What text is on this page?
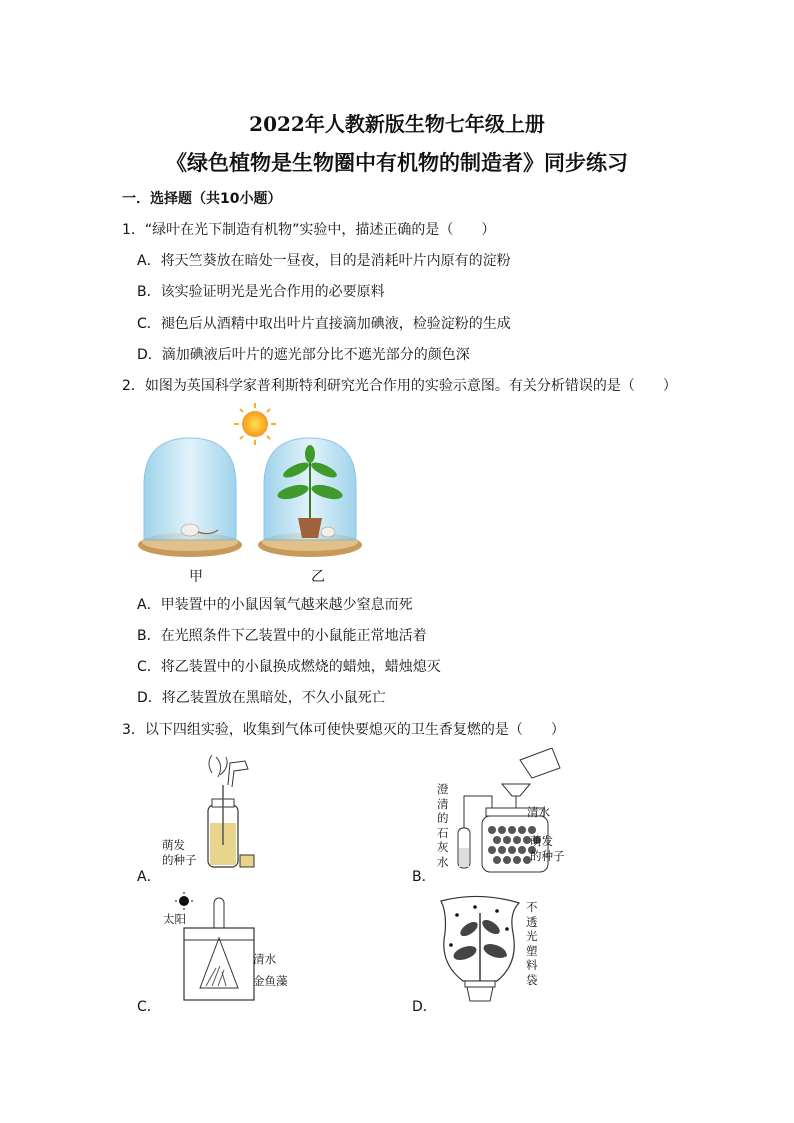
2022年人教新版生物七年级上册
《绿色植物是生物圈中有机物的制造者》同步练习
一．选择题（共10小题）
1．“绿叶在光下制造有机物”实验中，描述正确的是（　　）
A．将天竺葵放在暗处一昼夜，目的是消耗叶片内原有的淀粉
B．该实验证明光是光合作用的必要原料
C．褪色后从酒精中取出叶片直接滴加碘液，检验淀粉的生成
D．滴加碘液后叶片的遮光部分比不遮光部分的颜色深
2．如图为英国科学家普利斯特利研究光合作用的实验示意图。有关分析错误的是（　　）
甲	乙
A．甲装置中的小鼠因氧气越来越少窒息而死
B．在光照条件下乙装置中的小鼠能正常地活着
C．将乙装置中的小鼠换成燃烧的蜡烛，蜡烛熄灭
D．将乙装置放在黑暗处，不久小鼠死亡
3．以下四组实验，收集到气体可使快要熄灭的卫生香复燃的是（　　）
萌发
的种子
A．
澄
清
的
石
灰
水
清水
萌发
的种子
B．
太阳
清水
金鱼藻
C．
不
透
光
塑
料
袋
D．
